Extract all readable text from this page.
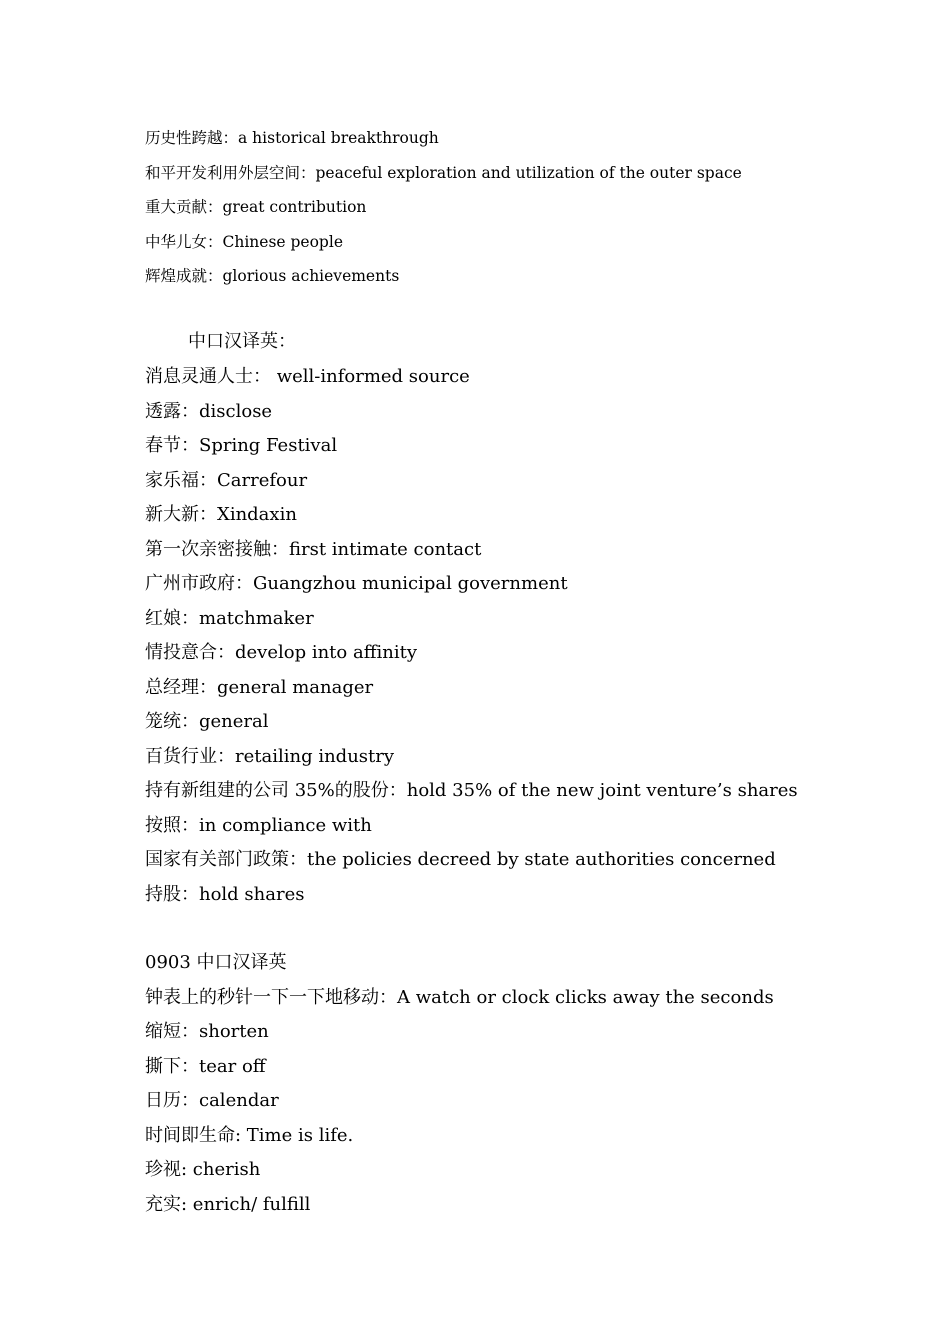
历史性跨越：a historical breakthrough
和平开发利用外层空间：peaceful exploration and utilization of the outer space
重大贡献：great contribution
中华儿女：Chinese people
辉煌成就：glorious achievements
中口汉译英：
消息灵通人士： well-informed source
透露：disclose
春节：Spring Festival
家乐福：Carrefour
新大新：Xindaxin
第一次亲密接触：first intimate contact
广州市政府：Guangzhou municipal government
红娘：matchmaker
情投意合：develop into affinity
总经理：general manager
笼统：general
百货行业：retailing industry
持有新组建的公司 35%的股份：hold 35% of the new joint venture’s shares
按照：in compliance with
国家有关部门政策：the policies decreed by state authorities concerned
持股：hold shares
0903 中口汉译英
钟表上的秒针一下一下地移动：A watch or clock clicks away the seconds
缩短：shorten
撕下：tear off
日历：calendar
时间即生命: Time is life.
珍视: cherish
充实: enrich/ fulfill
